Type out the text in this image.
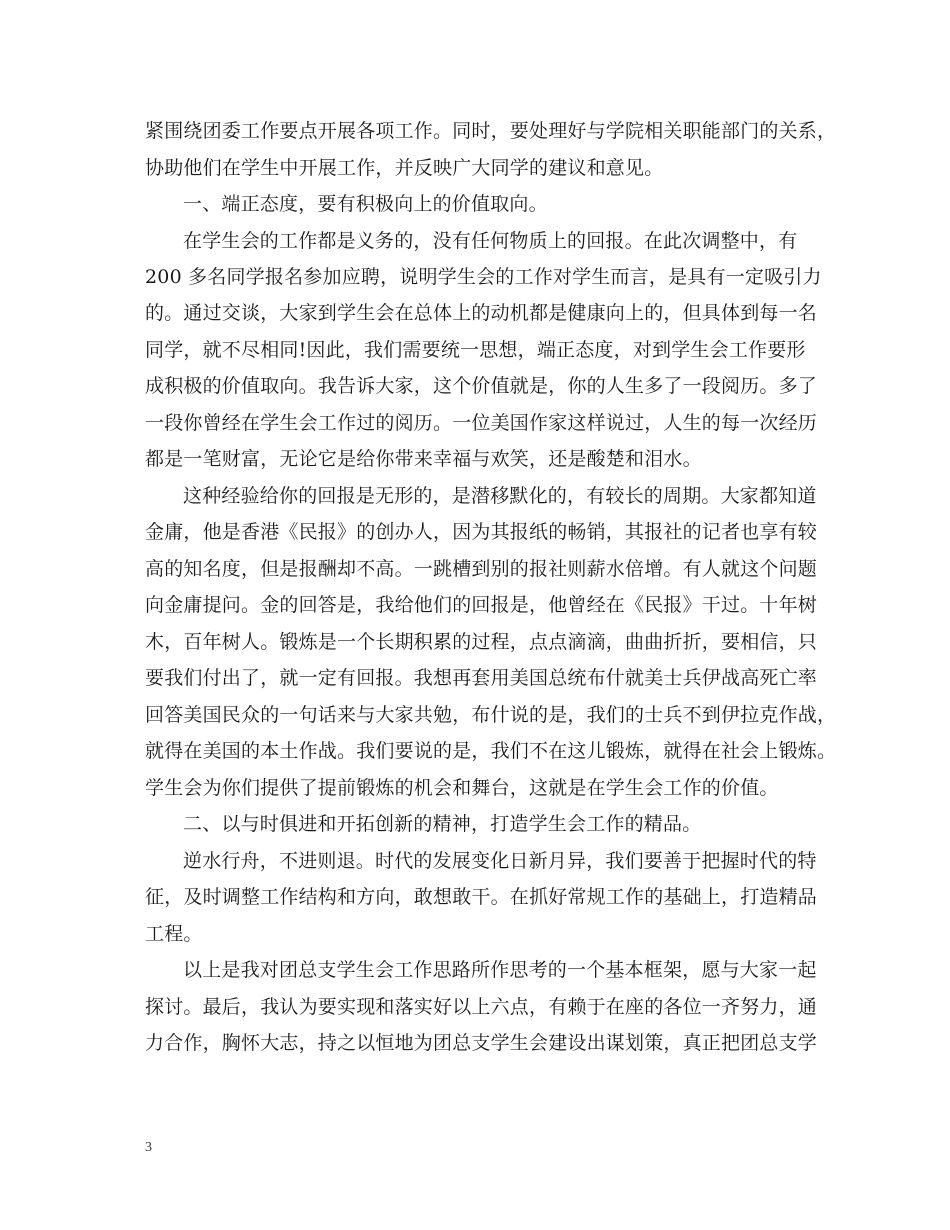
紧围绕团委工作要点开展各项工作。同时，要处理好与学院相关职能部门的关系，
协助他们在学生中开展工作，并反映广大同学的建议和意见。
一、端正态度，要有积极向上的价值取向。
在学生会的工作都是义务的，没有任何物质上的回报。在此次调整中，有
200 多名同学报名参加应聘，说明学生会的工作对学生而言，是具有一定吸引力
的。通过交谈，大家到学生会在总体上的动机都是健康向上的，但具体到每一名
同学，就不尽相同!因此，我们需要统一思想，端正态度，对到学生会工作要形
成积极的价值取向。我告诉大家，这个价值就是，你的人生多了一段阅历。多了
一段你曾经在学生会工作过的阅历。一位美国作家这样说过，人生的每一次经历
都是一笔财富，无论它是给你带来幸福与欢笑，还是酸楚和泪水。
这种经验给你的回报是无形的，是潜移默化的，有较长的周期。大家都知道
金庸，他是香港《民报》的创办人，因为其报纸的畅销，其报社的记者也享有较
高的知名度，但是报酬却不高。一跳槽到别的报社则薪水倍增。有人就这个问题
向金庸提问。金的回答是，我给他们的回报是，他曾经在《民报》干过。十年树
木，百年树人。锻炼是一个长期积累的过程，点点滴滴，曲曲折折，要相信，只
要我们付出了，就一定有回报。我想再套用美国总统布什就美士兵伊战高死亡率
回答美国民众的一句话来与大家共勉，布什说的是，我们的士兵不到伊拉克作战，
就得在美国的本土作战。我们要说的是，我们不在这儿锻炼，就得在社会上锻炼。
学生会为你们提供了提前锻炼的机会和舞台，这就是在学生会工作的价值。
二、以与时俱进和开拓创新的精神，打造学生会工作的精品。
逆水行舟，不进则退。时代的发展变化日新月异，我们要善于把握时代的特
征，及时调整工作结构和方向，敢想敢干。在抓好常规工作的基础上，打造精品
工程。
以上是我对团总支学生会工作思路所作思考的一个基本框架，愿与大家一起
探讨。最后，我认为要实现和落实好以上六点，有赖于在座的各位一齐努力，通
力合作，胸怀大志，持之以恒地为团总支学生会建设出谋划策，真正把团总支学
3
